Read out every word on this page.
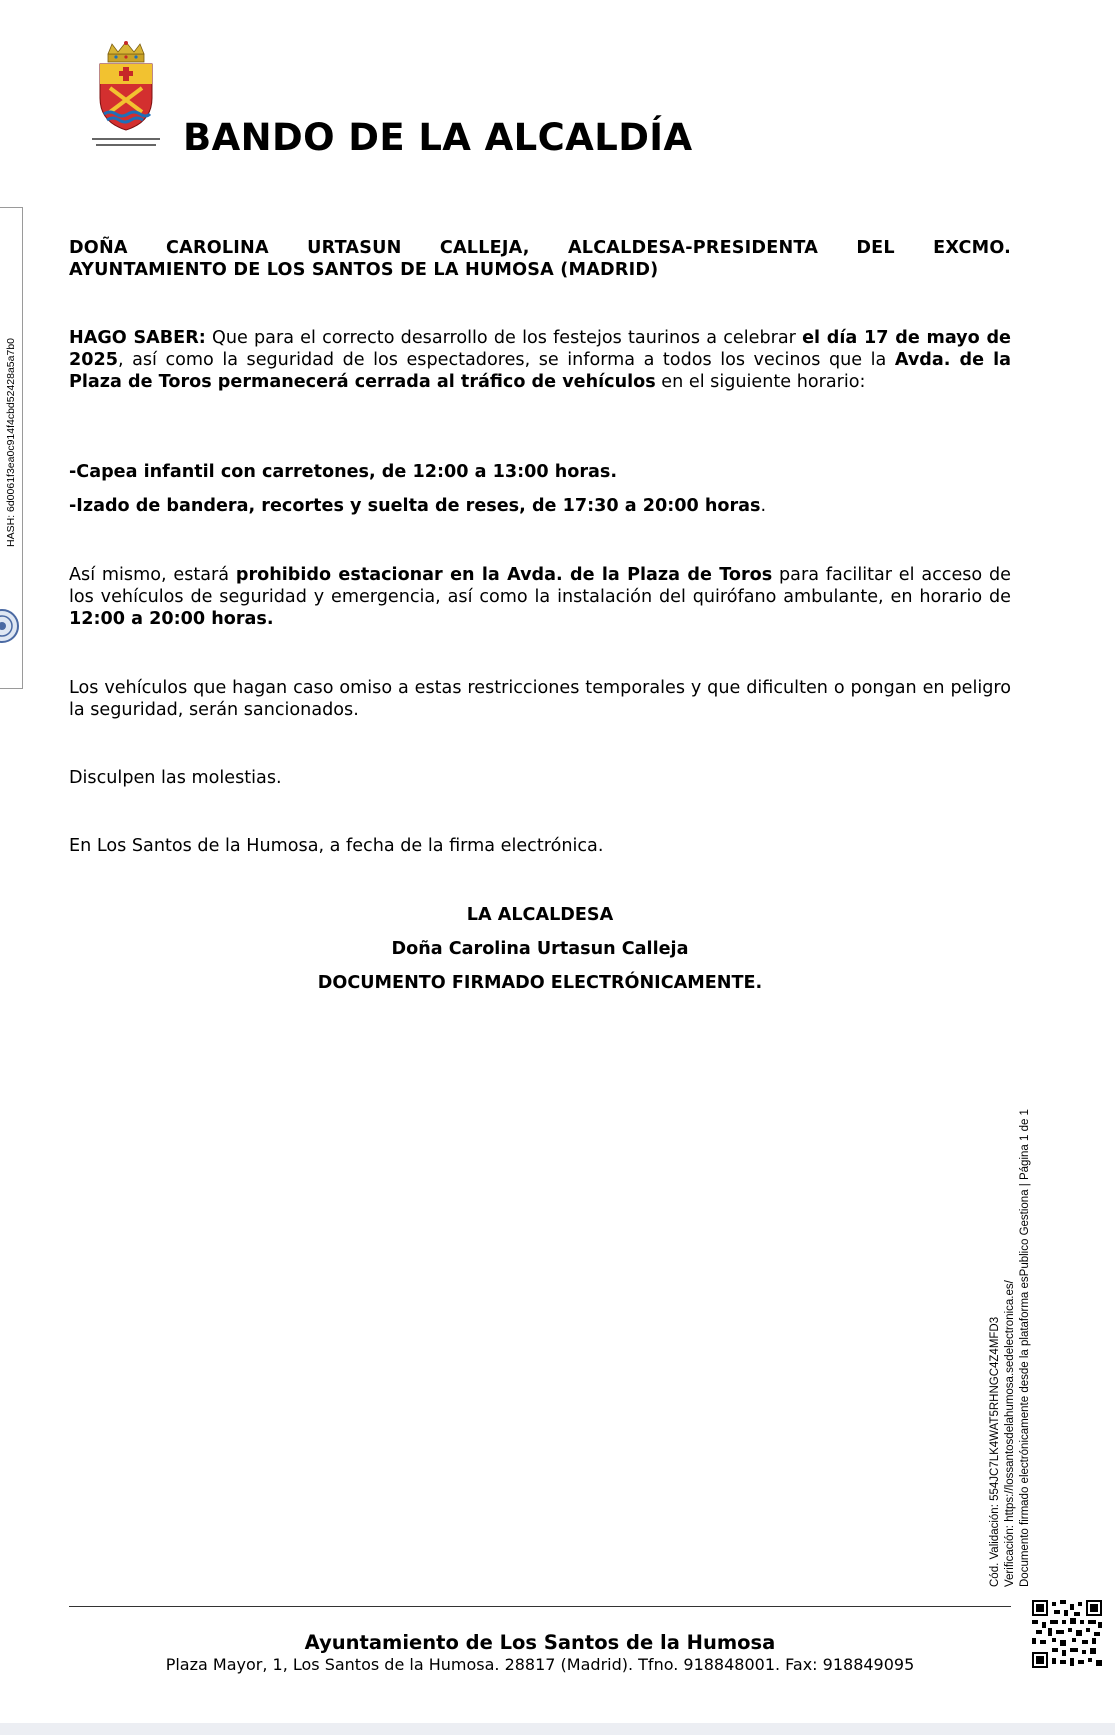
BANDO DE LA ALCALDÍA
HASH: 6d0061f3ea0c914f4cbd52428a5a7b0
DOÑA CAROLINA URTASUN CALLEJA, ALCALDESA-PRESIDENTA DEL EXCMO.
AYUNTAMIENTO DE LOS SANTOS DE LA HUMOSA (MADRID)
HAGO SABER: Que para el correcto desarrollo de los festejos taurinos a celebrar el día 17 de mayo de 2025, así como la seguridad de los espectadores, se informa a todos los vecinos que la Avda. de la Plaza de Toros permanecerá cerrada al tráfico de vehículos en el siguiente horario:
-Capea infantil con carretones, de 12:00 a 13:00 horas.
-Izado de bandera, recortes y suelta de reses, de 17:30 a 20:00 horas.
Así mismo, estará prohibido estacionar en la Avda. de la Plaza de Toros para facilitar el acceso de los vehículos de seguridad y emergencia, así como la instalación del quirófano ambulante, en horario de 12:00 a 20:00 horas.
Los vehículos que hagan caso omiso a estas restricciones temporales y que dificulten o pongan en peligro la seguridad, serán sancionados.
Disculpen las molestias.
En Los Santos de la Humosa, a fecha de la firma electrónica.
LA ALCALDESA
Doña Carolina Urtasun Calleja
DOCUMENTO FIRMADO ELECTRÓNICAMENTE.
Cód. Validación: 554JC7LK4WAT5RHNGC4Z4MFD3 Verificación: https://lossantosdelahumosa.sedelectronica.es/ Documento firmado electrónicamente desde la plataforma esPublico Gestiona | Página 1 de 1
Ayuntamiento de Los Santos de la Humosa
Plaza Mayor, 1, Los Santos de la Humosa. 28817 (Madrid). Tfno. 918848001. Fax: 918849095
